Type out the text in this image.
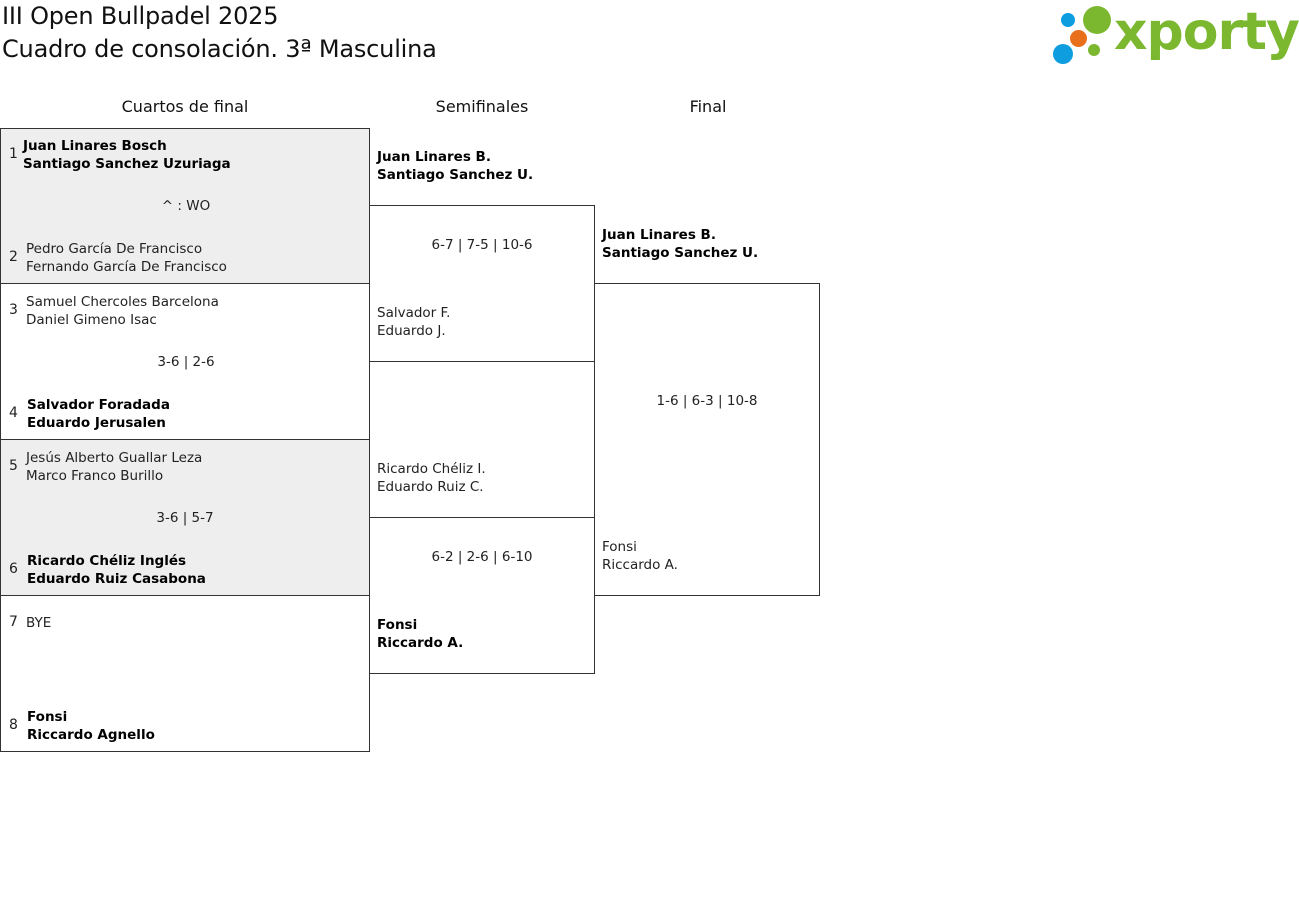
III Open Bullpadel 2025
Cuadro de consolación. 3ª Masculina	xporty
Cuartos de final	Semifinales	Final
1 Juan Linares Bosch
Santiago Sanchez Uzuriaga
^ : WO
2 Pedro García De Francisco
Fernando García De Francisco
3 Samuel Chercoles Barcelona
Daniel Gimeno Isac
3-6 | 2-6
4 Salvador Foradada
Eduardo Jerusalen
5 Jesús Alberto Guallar Leza
Marco Franco Burillo
3-6 | 5-7
6 Ricardo Chéliz Inglés
Eduardo Ruiz Casabona
7 BYE
8 Fonsi
Riccardo Agnello
Juan Linares B.
Santiago Sanchez U.
6-7 | 7-5 | 10-6
Salvador F.
Eduardo J.
Ricardo Chéliz I.
Eduardo Ruiz C.
6-2 | 2-6 | 6-10
Fonsi
Riccardo A.
Juan Linares B.
Santiago Sanchez U.
1-6 | 6-3 | 10-8
Fonsi
Riccardo A.
